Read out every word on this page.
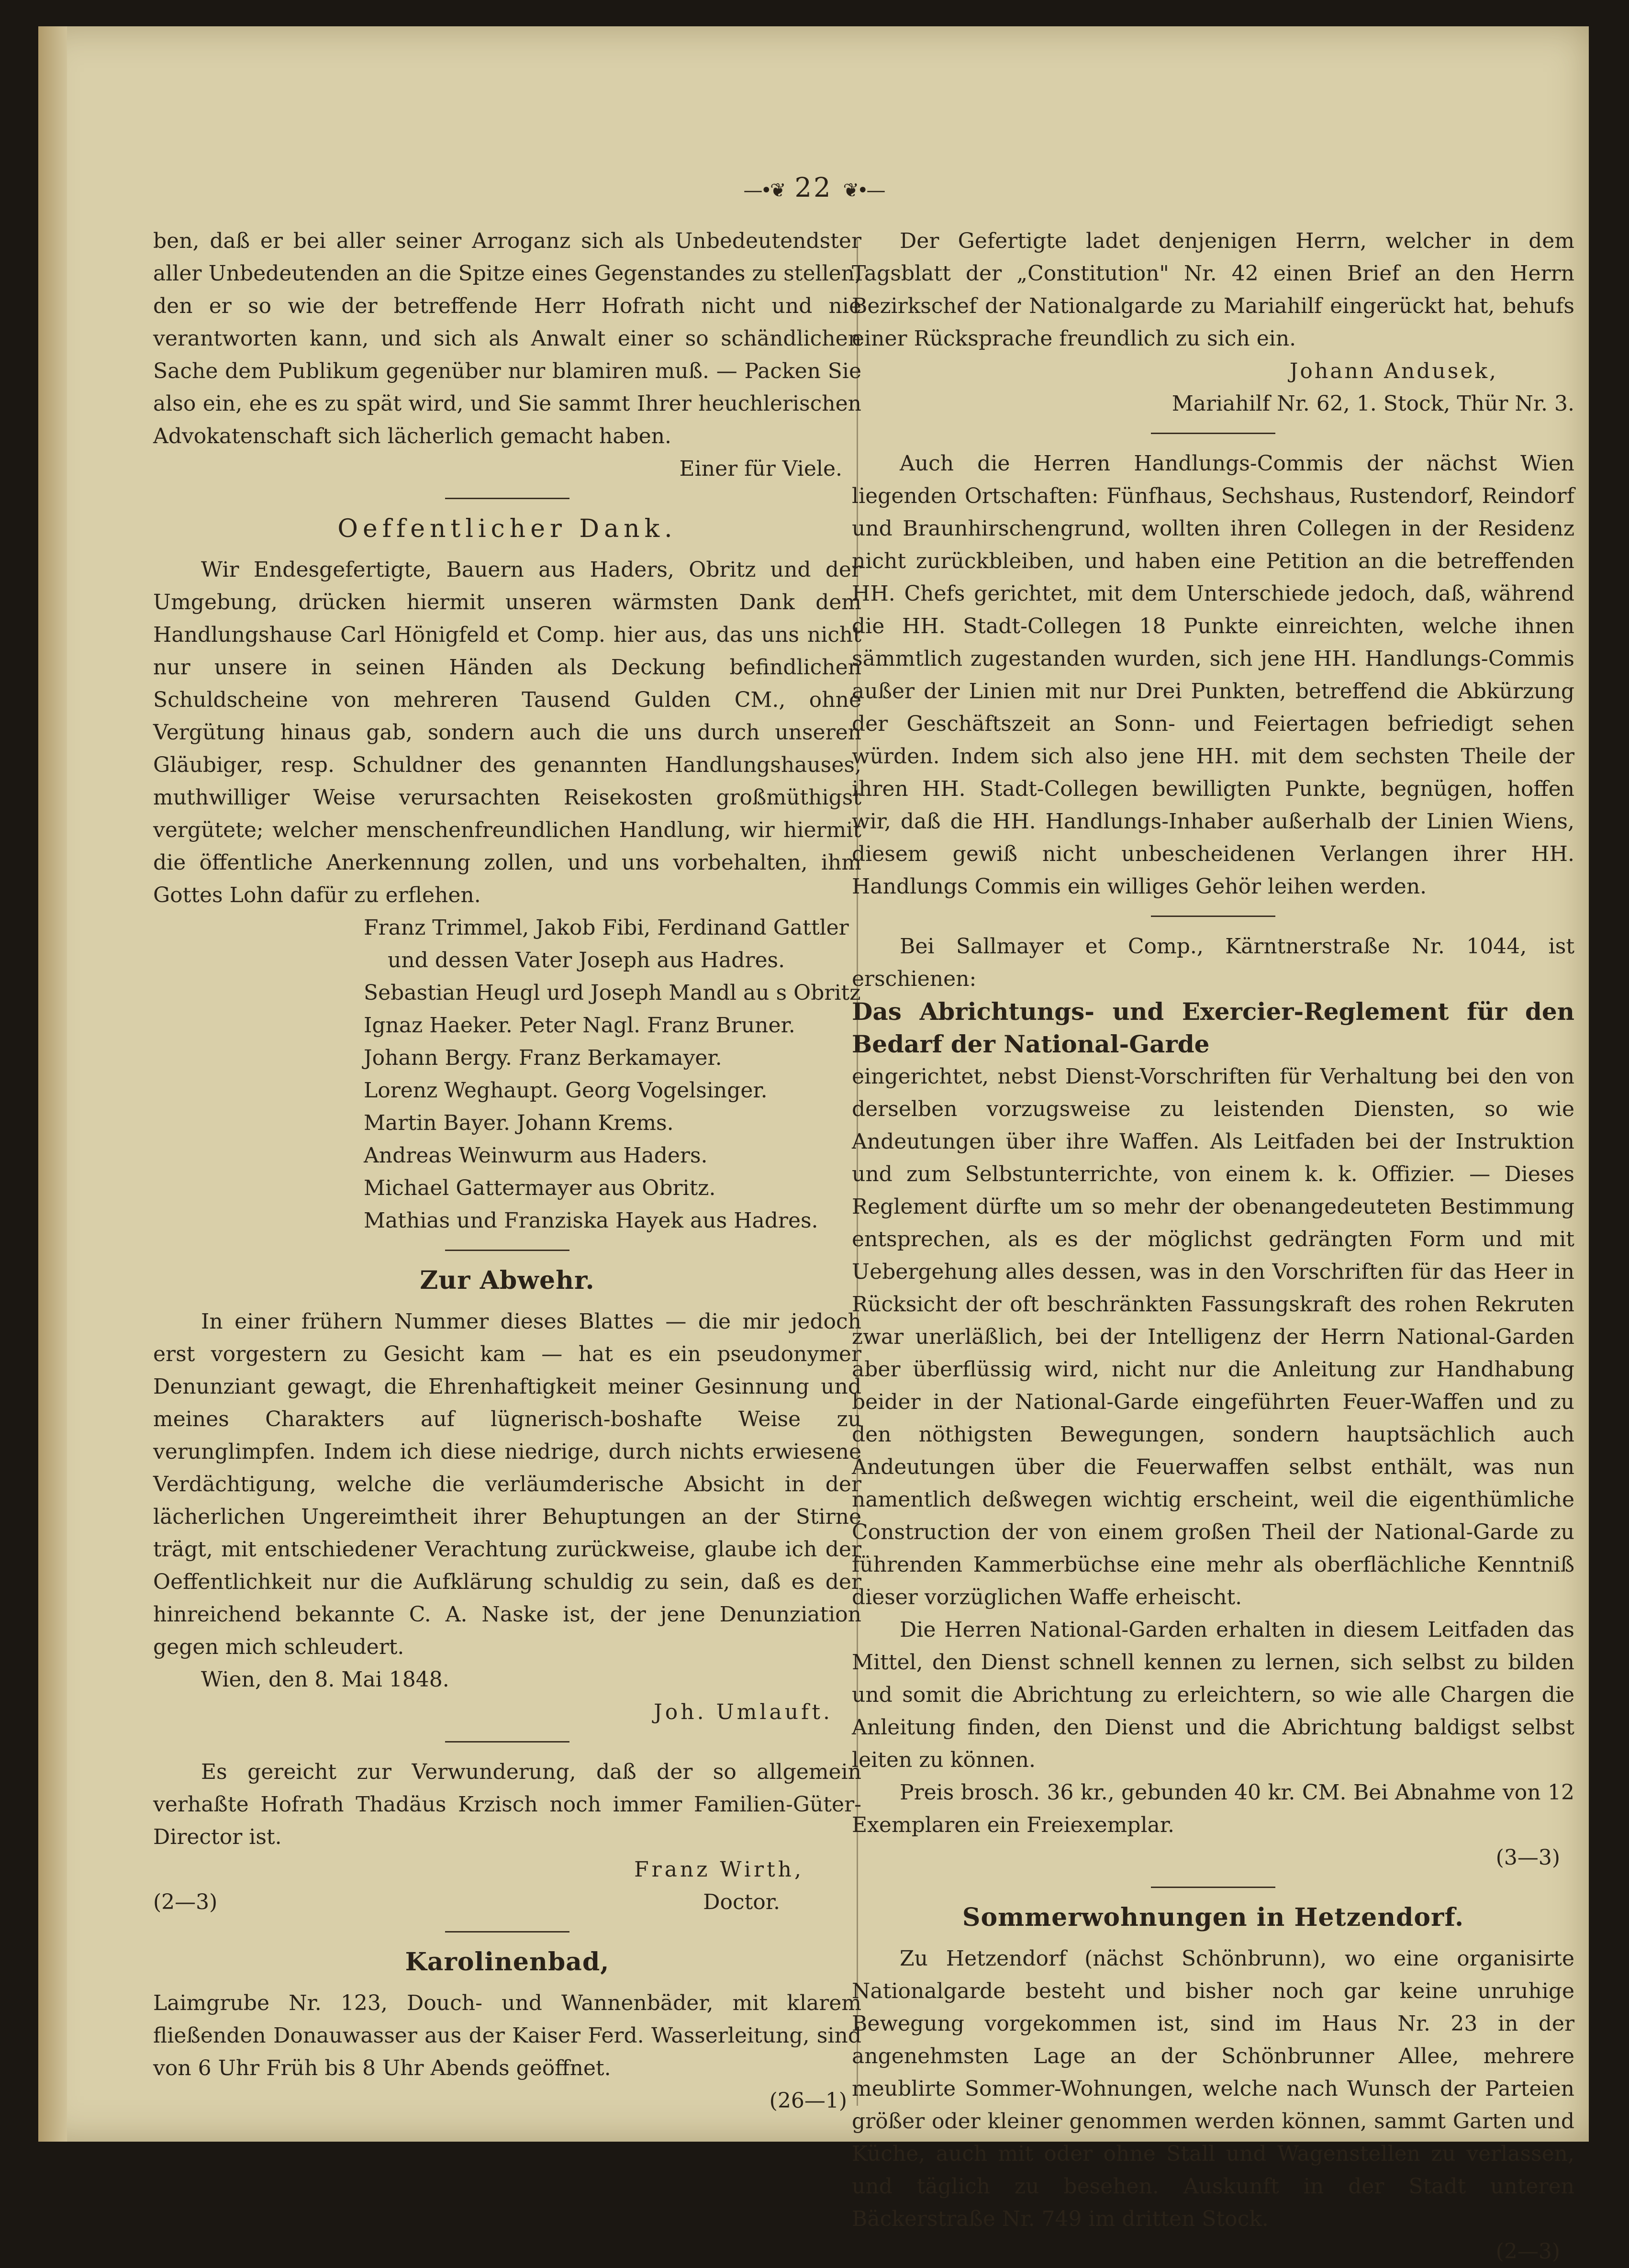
—•❦ 22 ❦•—

ben, daß er bei aller seiner Arroganz sich als Unbedeutendster aller Unbedeutenden an die Spitze eines Gegenstandes zu stellen, den er so wie der betreffende Herr Hofrath nicht und nie verantworten kann, und sich als Anwalt einer so schändlichen Sache dem Publikum gegenüber nur blamiren muß. — Packen Sie also ein, ehe es zu spät wird, und Sie sammt Ihrer heuchlerischen Advokatenschaft sich lächerlich gemacht haben.

Einer für Viele.

Oeffentlicher Dank.

Wir Endesgefertigte, Bauern aus Haders, Obritz und der Umgebung, drücken hiermit unseren wärmsten Dank dem Handlungshause Carl Hönigfeld et Comp. hier aus, das uns nicht nur unsere in seinen Händen als Deckung befindlichen Schuldscheine von mehreren Tausend Gulden CM., ohne Vergütung hinaus gab, sondern auch die uns durch unseren Gläubiger, resp. Schuldner des genannten Handlungshauses, muthwilliger Weise verursachten Reisekosten großmüthigst vergütete; welcher menschenfreundlichen Handlung, wir hiermit die öffentliche Anerkennung zollen, und uns vorbehalten, ihm Gottes Lohn dafür zu erflehen.

Franz Trimmel, Jakob Fibi, Ferdinand Gattler
und dessen Vater Joseph aus Hadres.
Sebastian Heugl urd Joseph Mandl au s Obritz
Ignaz Haeker. Peter Nagl. Franz Bruner.
Johann Bergy. Franz Berkamayer.
Lorenz Weghaupt. Georg Vogelsinger.
Martin Bayer. Johann Krems.
Andreas Weinwurm aus Haders.
Michael Gattermayer aus Obritz.
Mathias und Franziska Hayek aus Hadres.
Zur Abwehr.

In einer frühern Nummer dieses Blattes — die mir jedoch erst vorgestern zu Gesicht kam — hat es ein pseudonymer Denunziant gewagt, die Ehrenhaftigkeit meiner Gesinnung und meines Charakters auf lügnerisch-boshafte Weise zu verunglimpfen. Indem ich diese niedrige, durch nichts erwiesene Verdächtigung, welche die verläumderische Absicht in der lächerlichen Ungereimtheit ihrer Behuptungen an der Stirne trägt, mit entschiedener Verachtung zurückweise, glaube ich der Oeffentlichkeit nur die Aufklärung schuldig zu sein, daß es der hinreichend bekannte C. A. Naske ist, der jene Denunziation gegen mich schleudert.

Wien, den 8. Mai 1848.

Joh. Umlauft.

Es gereicht zur Verwunderung, daß der so allgemein verhaßte Hofrath Thadäus Krzisch noch immer Familien-Güter-Director ist.

Franz Wirth,

(2—3)	Doctor.
Karolinenbad,

Laimgrube Nr. 123, Douch- und Wannenbäder, mit klarem fließenden Donauwasser aus der Kaiser Ferd. Wasserleitung, sind von 6 Uhr Früh bis 8 Uhr Abends geöffnet.

(26—1)

Der Gefertigte ladet denjenigen Herrn, welcher in dem Tagsblatt der „Constitution" Nr. 42 einen Brief an den Herrn Bezirkschef der Nationalgarde zu Mariahilf eingerückt hat, behufs einer Rücksprache freundlich zu sich ein.

Johann Andusek,

Mariahilf Nr. 62, 1. Stock, Thür Nr. 3.

Auch die Herren Handlungs-Commis der nächst Wien liegenden Ortschaften: Fünfhaus, Sechshaus, Rustendorf, Reindorf und Braunhirschengrund, wollten ihren Collegen in der Residenz nicht zurückbleiben, und haben eine Petition an die betreffenden HH. Chefs gerichtet, mit dem Unterschiede jedoch, daß, während die HH. Stadt-Collegen 18 Punkte einreichten, welche ihnen sämmtlich zugestanden wurden, sich jene HH. Handlungs-Commis außer der Linien mit nur Drei Punkten, betreffend die Abkürzung der Geschäftszeit an Sonn- und Feiertagen befriedigt sehen würden. Indem sich also jene HH. mit dem sechsten Theile der ihren HH. Stadt-Collegen bewilligten Punkte, begnügen, hoffen wir, daß die HH. Handlungs-Inhaber außerhalb der Linien Wiens, diesem gewiß nicht unbescheidenen Verlangen ihrer HH. Handlungs Commis ein williges Gehör leihen werden.

Bei Sallmayer et Comp., Kärntnerstraße Nr. 1044, ist erschienen:

Das Abrichtungs- und Exercier-Reglement für den Bedarf der National-Garde

eingerichtet, nebst Dienst-Vorschriften für Verhaltung bei den von derselben vorzugsweise zu leistenden Diensten, so wie Andeutungen über ihre Waffen. Als Leitfaden bei der Instruktion und zum Selbstunterrichte, von einem k. k. Offizier. — Dieses Reglement dürfte um so mehr der obenangedeuteten Bestimmung entsprechen, als es der möglichst gedrängten Form und mit Uebergehung alles dessen, was in den Vorschriften für das Heer in Rücksicht der oft beschränkten Fassungskraft des rohen Rekruten zwar unerläßlich, bei der Intelligenz der Herrn National-Garden aber überflüssig wird, nicht nur die Anleitung zur Handhabung beider in der National-Garde eingeführten Feuer-Waffen und zu den nöthigsten Bewegungen, sondern hauptsächlich auch Andeutungen über die Feuerwaffen selbst enthält, was nun namentlich deßwegen wichtig erscheint, weil die eigenthümliche Construction der von einem großen Theil der National-Garde zu führenden Kammerbüchse eine mehr als oberflächliche Kenntniß dieser vorzüglichen Waffe erheischt.

Die Herren National-Garden erhalten in diesem Leitfaden das Mittel, den Dienst schnell kennen zu lernen, sich selbst zu bilden und somit die Abrichtung zu erleichtern, so wie alle Chargen die Anleitung finden, den Dienst und die Abrichtung baldigst selbst leiten zu können.

Preis brosch. 36 kr., gebunden 40 kr. CM. Bei Abnahme von 12 Exemplaren ein Freiexemplar.

(3—3)

Sommerwohnungen in Hetzendorf.

Zu Hetzendorf (nächst Schönbrunn), wo eine organisirte Nationalgarde besteht und bisher noch gar keine unruhige Bewegung vorgekommen ist, sind im Haus Nr. 23 in der angenehmsten Lage an der Schönbrunner Allee, mehrere meublirte Sommer-Wohnungen, welche nach Wunsch der Parteien größer oder kleiner genommen werden können, sammt Garten und Küche, auch mit oder ohne Stall und Wagenstellen zu verlassen, und täglich zu besehen. Auskunft in der Stadt unteren Bäckerstraße Nr. 749 im dritten Stock.

(2—3)
